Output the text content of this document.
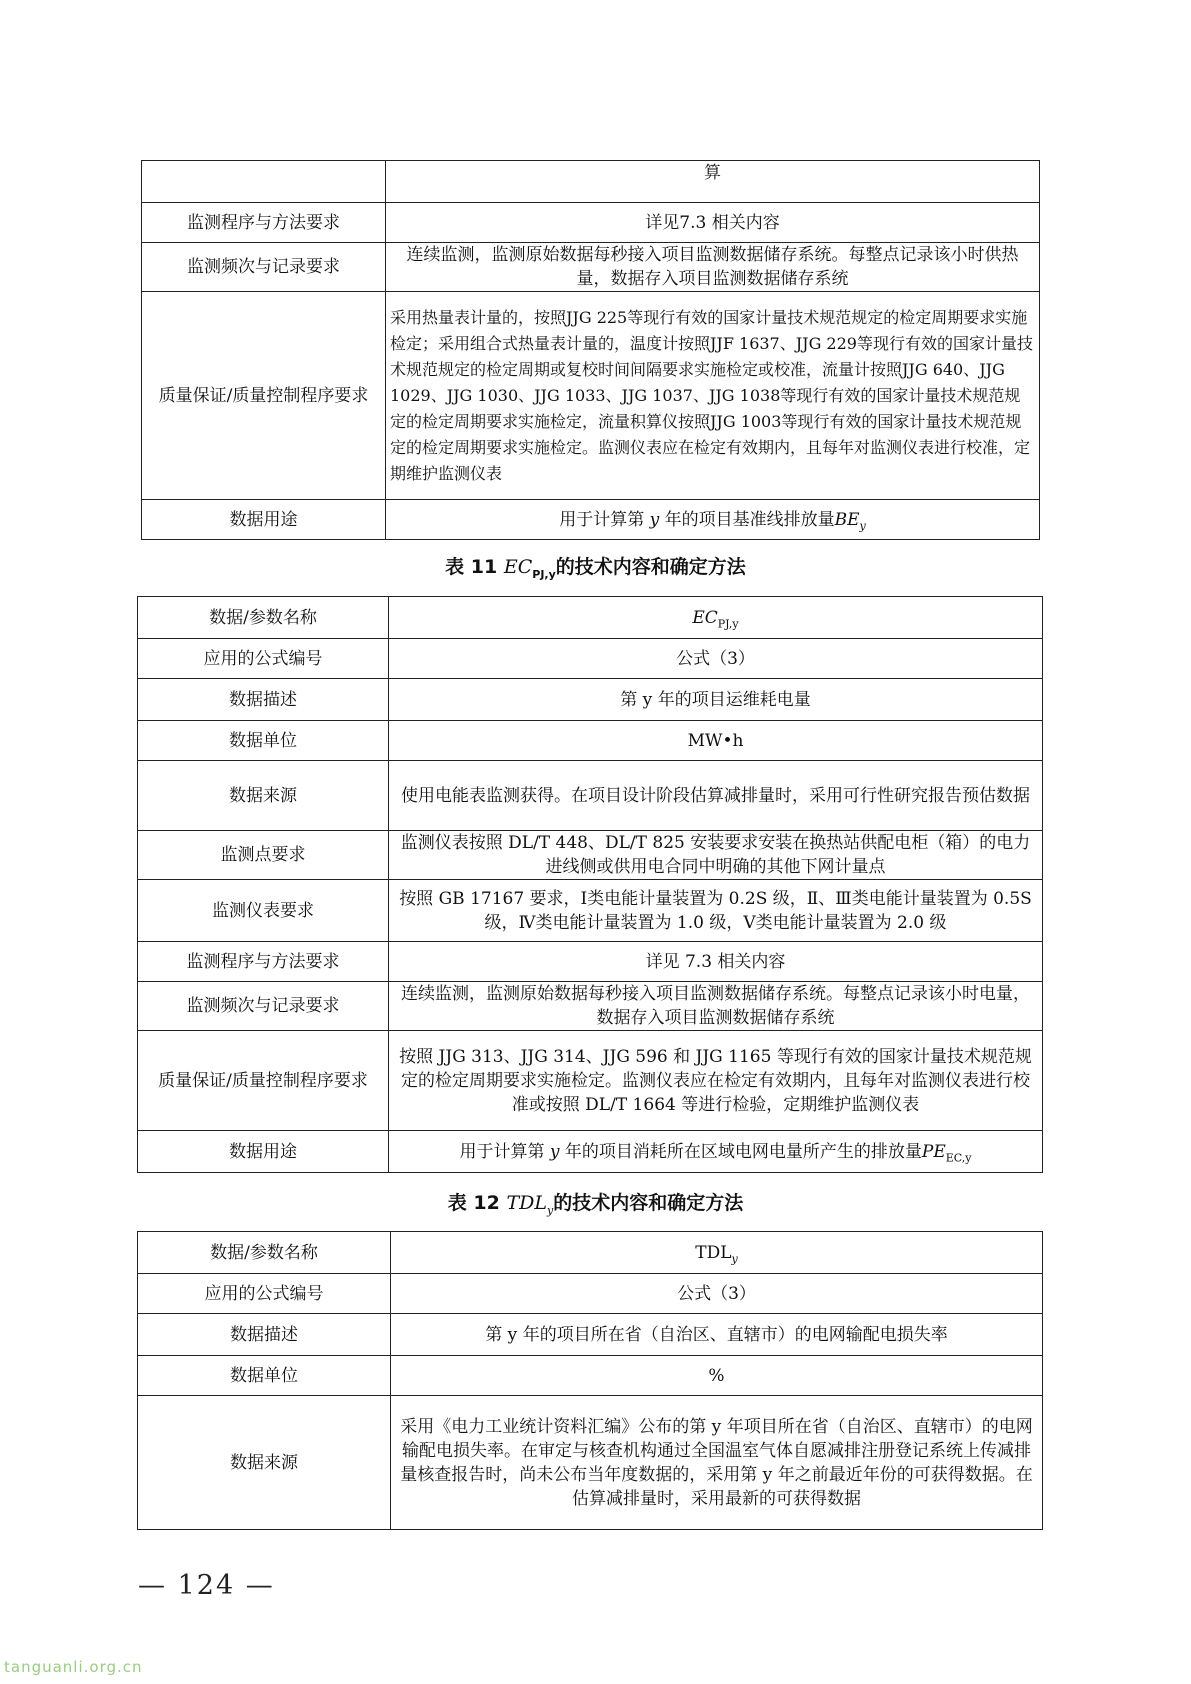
	算
监测程序与方法要求	详见7.3 相关内容
监测频次与记录要求	连续监测，监测原始数据每秒接入项目监测数据储存系统。每整点记录该小时供热量，数据存入项目监测数据储存系统
质量保证/质量控制程序要求	采用热量表计量的，按照JJG 225等现行有效的国家计量技术规范规定的检定周期要求实施检定；采用组合式热量表计量的，温度计按照JJF 1637、JJG 229等现行有效的国家计量技术规范规定的检定周期或复校时间间隔要求实施检定或校准，流量计按照JJG 640、JJG 1029、JJG 1030、JJG 1033、JJG 1037、JJG 1038等现行有效的国家计量技术规范规定的检定周期要求实施检定，流量积算仪按照JJG 1003等现行有效的国家计量技术规范规定的检定周期要求实施检定。监测仪表应在检定有效期内，且每年对监测仪表进行校准，定期维护监测仪表
数据用途	用于计算第 y 年的项目基准线排放量$BE_y$
表 11 $EC_{PJ,y}$的技术内容和确定方法
数据/参数名称	$EC_{PJ,y}$
应用的公式编号	公式（3）
数据描述	第 y 年的项目运维耗电量
数据单位	MW•h
数据来源	使用电能表监测获得。在项目设计阶段估算减排量时，采用可行性研究报告预估数据
监测点要求	监测仪表按照 DL/T 448、DL/T 825 安装要求安装在换热站供配电柜（箱）的电力进线侧或供用电合同中明确的其他下网计量点
监测仪表要求	按照 GB 17167 要求，Ⅰ类电能计量装置为 0.2S 级，Ⅱ、Ⅲ类电能计量装置为 0.5S 级，Ⅳ类电能计量装置为 1.0 级，Ⅴ类电能计量装置为 2.0 级
监测程序与方法要求	详见 7.3 相关内容
监测频次与记录要求	连续监测，监测原始数据每秒接入项目监测数据储存系统。每整点记录该小时电量，数据存入项目监测数据储存系统
质量保证/质量控制程序要求	按照 JJG 313、JJG 314、JJG 596 和 JJG 1165 等现行有效的国家计量技术规范规定的检定周期要求实施检定。监测仪表应在检定有效期内，且每年对监测仪表进行校准或按照 DL/T 1664 等进行检验，定期维护监测仪表
数据用途	用于计算第 y 年的项目消耗所在区域电网电量所产生的排放量$PE_{EC,y}$
表 12 $TDL_y$的技术内容和确定方法
数据/参数名称	$TDL_y$
应用的公式编号	公式（3）
数据描述	第 y 年的项目所在省（自治区、直辖市）的电网输配电损失率
数据单位	%
数据来源	采用《电力工业统计资料汇编》公布的第 y 年项目所在省（自治区、直辖市）的电网输配电损失率。在审定与核查机构通过全国温室气体自愿减排注册登记系统上传减排量核查报告时，尚未公布当年度数据的，采用第 y 年之前最近年份的可获得数据。在估算减排量时，采用最新的可获得数据
— 124 —
tanguanli.org.cn
